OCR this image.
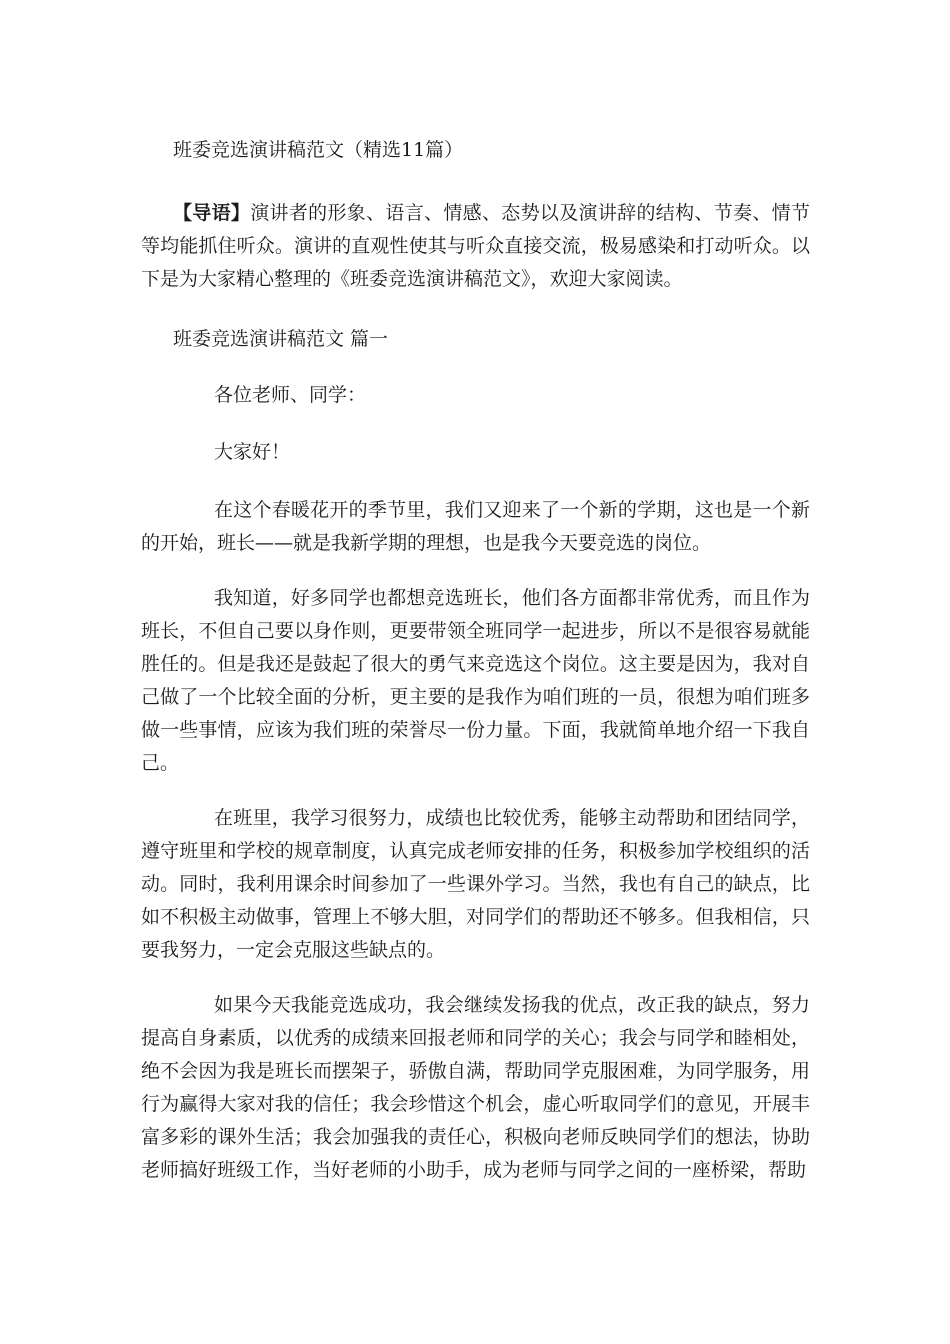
班委竞选演讲稿范文（精选11篇）

【导语】演讲者的形象、语言、情感、态势以及演讲辞的结构、节奏、情节等均能抓住听众。演讲的直观性使其与听众直接交流，极易感染和打动听众。以下是为大家精心整理的《班委竞选演讲稿范文》，欢迎大家阅读。

班委竞选演讲稿范文 篇一

各位老师、同学：

大家好！

在这个春暖花开的季节里，我们又迎来了一个新的学期，这也是一个新的开始，班长——就是我新学期的理想，也是我今天要竞选的岗位。

我知道，好多同学也都想竞选班长，他们各方面都非常优秀，而且作为班长，不但自己要以身作则，更要带领全班同学一起进步，所以不是很容易就能胜任的。但是我还是鼓起了很大的勇气来竞选这个岗位。这主要是因为，我对自己做了一个比较全面的分析，更主要的是我作为咱们班的一员，很想为咱们班多做一些事情，应该为我们班的荣誉尽一份力量。下面，我就简单地介绍一下我自己。

在班里，我学习很努力，成绩也比较优秀，能够主动帮助和团结同学，遵守班里和学校的规章制度，认真完成老师安排的任务，积极参加学校组织的活动。同时，我利用课余时间参加了一些课外学习。当然，我也有自己的缺点，比如不积极主动做事，管理上不够大胆，对同学们的帮助还不够多。但我相信，只要我努力，一定会克服这些缺点的。

如果今天我能竞选成功，我会继续发扬我的优点，改正我的缺点，努力提高自身素质，以优秀的成绩来回报老师和同学的关心；我会与同学和睦相处，绝不会因为我是班长而摆架子，骄傲自满，帮助同学克服困难，为同学服务，用行为赢得大家对我的信任；我会珍惜这个机会，虚心听取同学们的意见，开展丰富多彩的课外生活；我会加强我的责任心，积极向老师反映同学们的想法，协助老师搞好班级工作，当好老师的小助手，成为老师与同学之间的一座桥梁，帮助
